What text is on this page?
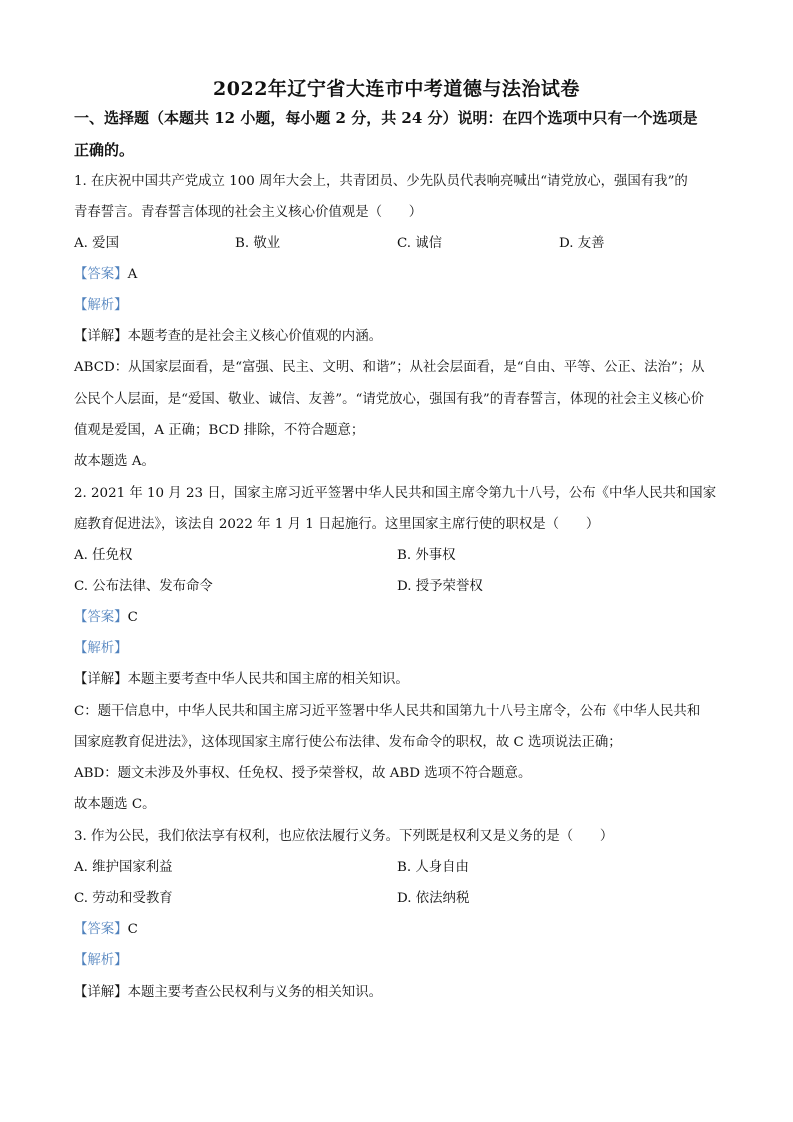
2022年辽宁省大连市中考道德与法治试卷
一、选择题（本题共 12 小题，每小题 2 分，共 24 分）说明：在四个选项中只有一个选项是
正确的。
1. 在庆祝中国共产党成立 100 周年大会上，共青团员、少先队员代表响亮喊出“请党放心，强国有我”的
青春誓言。青春誓言体现的社会主义核心价值观是（　　）
A. 爱国	B. 敬业	C. 诚信	D. 友善
【答案】A
【解析】
【详解】本题考查的是社会主义核心价值观的内涵。
ABCD：从国家层面看，是“富强、民主、文明、和谐”；从社会层面看，是“自由、平等、公正、法治”；从
公民个人层面，是“爱国、敬业、诚信、友善”。“请党放心，强国有我”的青春誓言，体现的社会主义核心价
值观是爱国，A 正确；BCD 排除，不符合题意；
故本题选 A。
2. 2021 年 10 月 23 日，国家主席习近平签署中华人民共和国主席令第九十八号，公布《中华人民共和国家
庭教育促进法》，该法自 2022 年 1 月 1 日起施行。这里国家主席行使的职权是（　　）
A. 任免权	B. 外事权
C. 公布法律、发布命令	D. 授予荣誉权
【答案】C
【解析】
【详解】本题主要考查中华人民共和国主席的相关知识。
C：题干信息中，中华人民共和国主席习近平签署中华人民共和国第九十八号主席令，公布《中华人民共和
国家庭教育促进法》，这体现国家主席行使公布法律、发布命令的职权，故 C 选项说法正确；
ABD：题文未涉及外事权、任免权、授予荣誉权，故 ABD 选项不符合题意。
故本题选 C。
3. 作为公民，我们依法享有权利，也应依法履行义务。下列既是权利又是义务的是（　　）
A. 维护国家利益	B. 人身自由
C. 劳动和受教育	D. 依法纳税
【答案】C
【解析】
【详解】本题主要考查公民权利与义务的相关知识。
